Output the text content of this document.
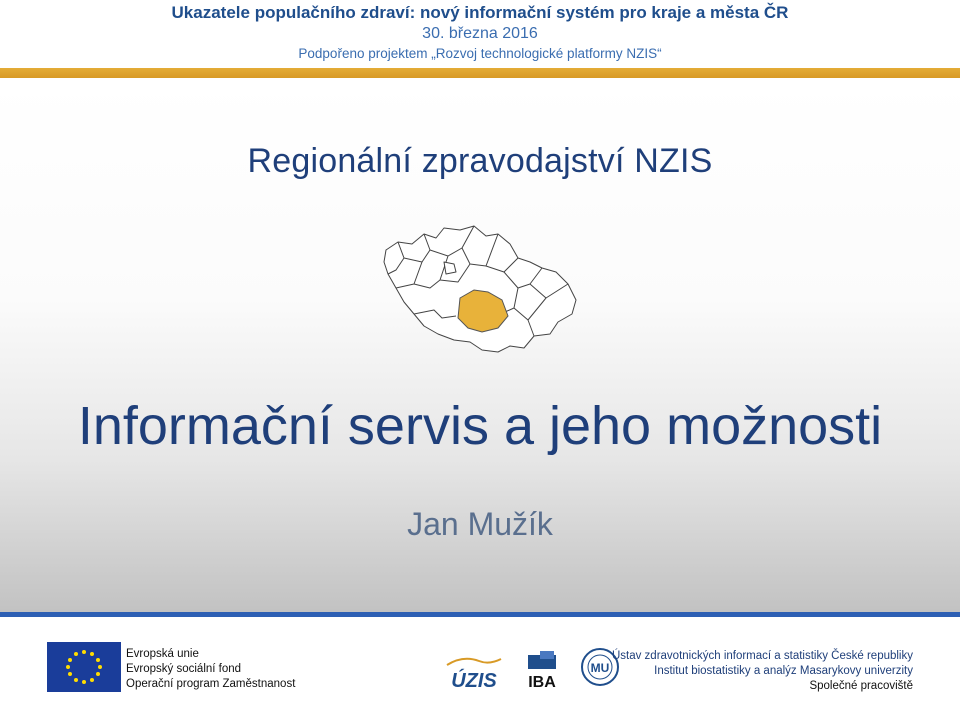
Ukazatele populačního zdraví: nový informační systém pro kraje a města ČR
30. března 2016
Podpořeno projektem „Rozvoj technologické platformy NZIS“
Regionální zpravodajství NZIS
Informační servis a jeho možnosti
Jan Mužík
Evropská unie
Evropský sociální fond
Operační program Zaměstnanost	ÚZIS IBA
MU
Ústav zdravotnických informací a statistiky České republiky
Institut biostatistiky a analýz Masarykovy univerzity
Společné pracoviště
